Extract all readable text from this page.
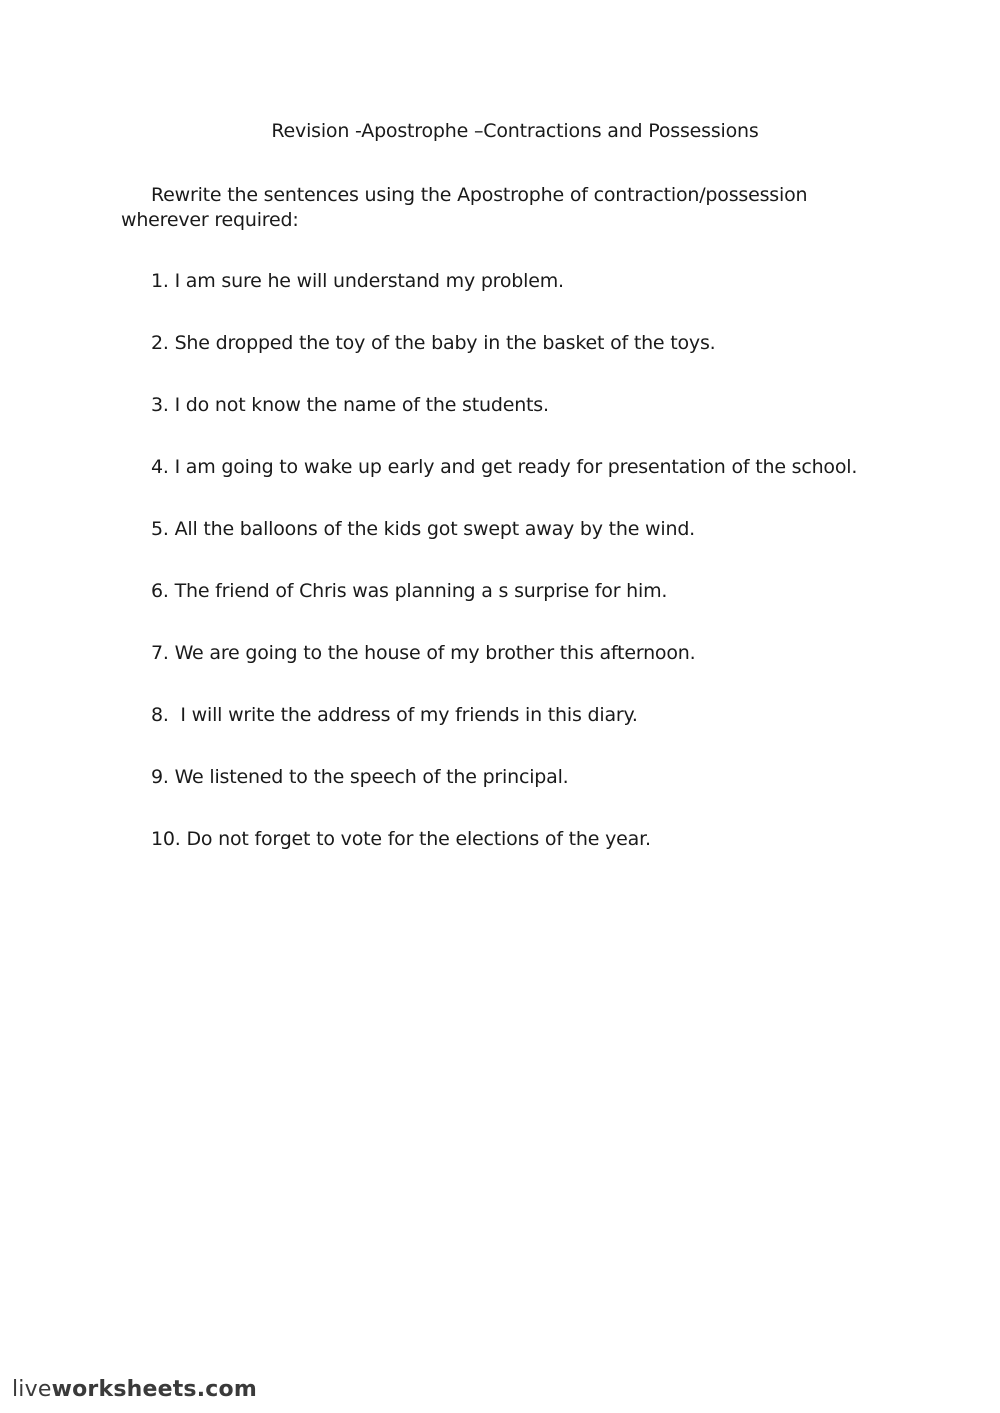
Revision -Apostrophe –Contractions and Possessions
Rewrite the sentences using the Apostrophe of contraction/possession wherever required:
1. I am sure he will understand my problem.
2. She dropped the toy of the baby in the basket of the toys.
3. I do not know the name of the students.
4. I am going to wake up early and get ready for presentation of the school.
5. All the balloons of the kids got swept away by the wind.
6. The friend of Chris was planning a s surprise for him.
7. We are going to the house of my brother this afternoon.
8.  I will write the address of my friends in this diary.
9. We listened to the speech of the principal.
10. Do not forget to vote for the elections of the year.
liveworksheets.com
